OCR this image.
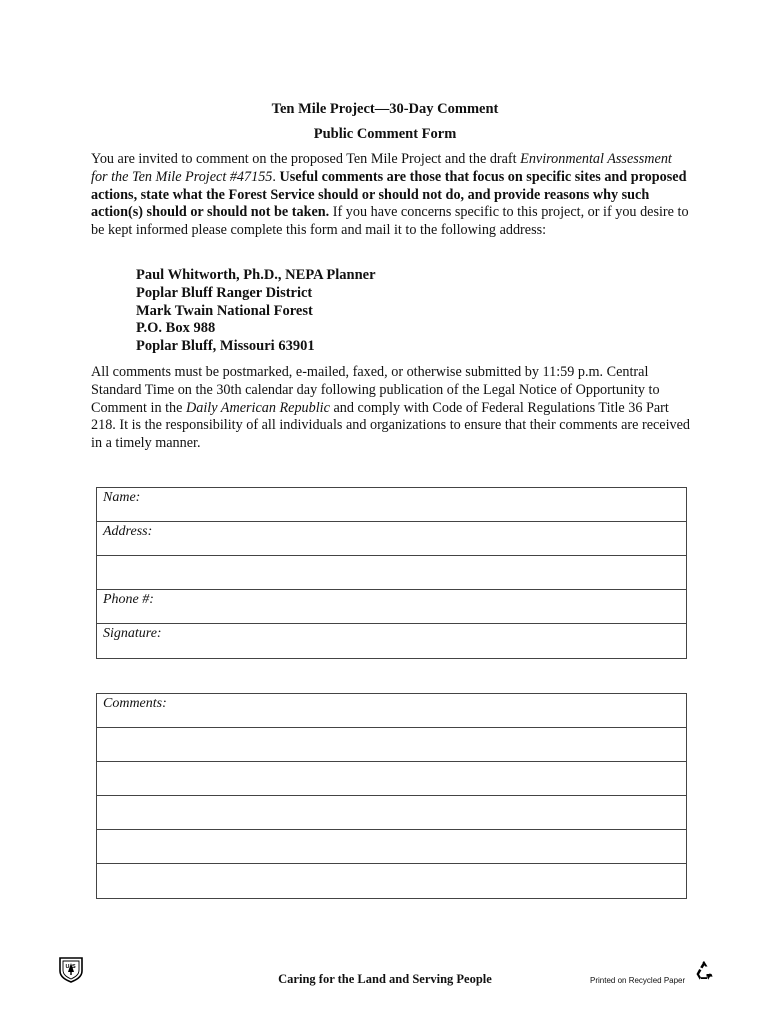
Ten Mile Project—30-Day Comment
Public Comment Form
You are invited to comment on the proposed Ten Mile Project and the draft Environmental Assessment for the Ten Mile Project #47155. Useful comments are those that focus on specific sites and proposed actions, state what the Forest Service should or should not do, and provide reasons why such action(s) should or should not be taken. If you have concerns specific to this project, or if you desire to be kept informed please complete this form and mail it to the following address:
Paul Whitworth, Ph.D., NEPA Planner
Poplar Bluff Ranger District
Mark Twain National Forest
P.O. Box 988
Poplar Bluff, Missouri 63901
All comments must be postmarked, e-mailed, faxed, or otherwise submitted by 11:59 p.m. Central Standard Time on the 30th calendar day following publication of the Legal Notice of Opportunity to Comment in the Daily American Republic and comply with Code of Federal Regulations Title 36 Part 218. It is the responsibility of all individuals and organizations to ensure that their comments are received in a timely manner.
Name:
Address:
Phone #:
Signature:
Comments:
U S
Caring for the Land and Serving People	Printed on Recycled Paper
